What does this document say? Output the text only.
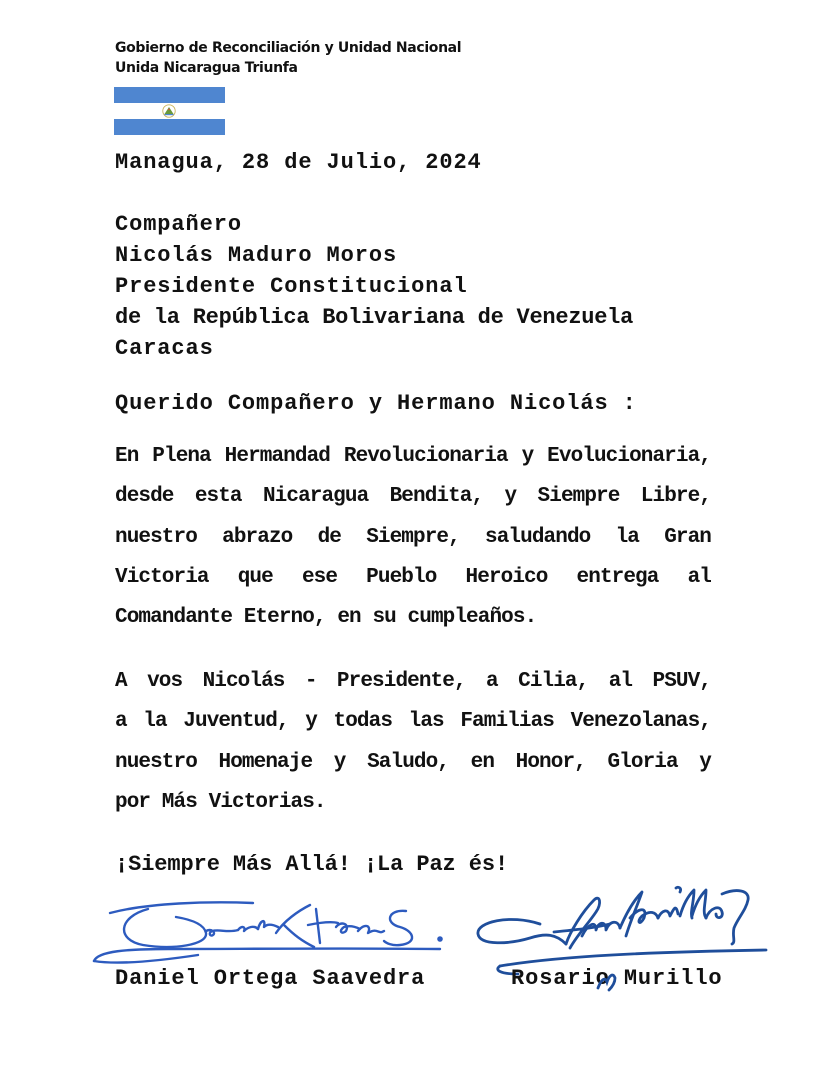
Gobierno de Reconciliación y Unidad Nacional
Unida Nicaragua Triunfa
Managua, 28 de Julio, 2024
Compañero
Nicolás Maduro Moros
Presidente Constitucional
de la República Bolivariana de Venezuela
Caracas
Querido Compañero y Hermano Nicolás :
En Plena Hermandad Revolucionaria y Evolucionaria,
desde esta Nicaragua Bendita, y Siempre Libre,
nuestro abrazo de Siempre, saludando la Gran
Victoria que ese Pueblo Heroico entrega al
Comandante Eterno, en su cumpleaños.
A vos Nicolás - Presidente, a Cilia, al PSUV,
a la Juventud, y todas las Familias Venezolanas,
nuestro Homenaje y Saludo, en Honor, Gloria y
por Más Victorias.
¡Siempre Más Allá! ¡La Paz és!
Daniel Ortega Saavedra	Rosario Murillo
